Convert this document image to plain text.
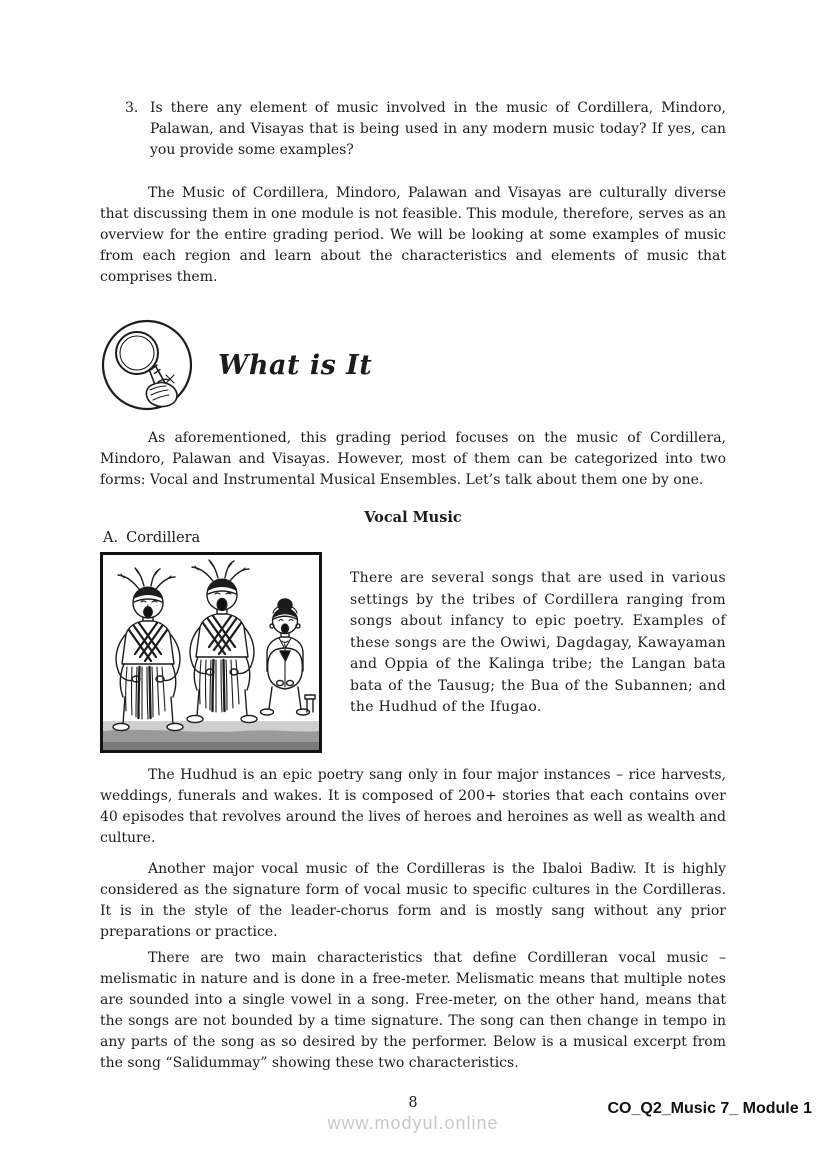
3. Is there any element of music involved in the music of Cordillera, Mindoro, Palawan, and Visayas that is being used in any modern music today? If yes, can you provide some examples?

The Music of Cordillera, Mindoro, Palawan and Visayas are culturally diverse that discussing them in one module is not feasible. This module, therefore, serves as an overview for the entire grading period. We will be looking at some examples of music from each region and learn about the characteristics and elements of music that comprises them.

What is It

As aforementioned, this grading period focuses on the music of Cordillera, Mindoro, Palawan and Visayas. However, most of them can be categorized into two forms: Vocal and Instrumental Musical Ensembles. Let’s talk about them one by one.

Vocal Music
A. Cordillera

There are several songs that are used in various settings by the tribes of Cordillera ranging from songs about infancy to epic poetry. Examples of these songs are the Owiwi, Dagdagay, Kawayaman and Oppia of the Kalinga tribe; the Langan bata bata of the Tausug; the Bua of the Subannen; and the Hudhud of the Ifugao.

The Hudhud is an epic poetry sang only in four major instances – rice harvests, weddings, funerals and wakes. It is composed of 200+ stories that each contains over 40 episodes that revolves around the lives of heroes and heroines as well as wealth and culture.

Another major vocal music of the Cordilleras is the Ibaloi Badiw. It is highly considered as the signature form of vocal music to specific cultures in the Cordilleras. It is in the style of the leader-chorus form and is mostly sang without any prior preparations or practice.

There are two main characteristics that define Cordilleran vocal music – melismatic in nature and is done in a free-meter. Melismatic means that multiple notes are sounded into a single vowel in a song. Free-meter, on the other hand, means that the songs are not bounded by a time signature. The song can then change in tempo in any parts of the song as so desired by the performer. Below is a musical excerpt from the song “Salidummay” showing these two characteristics.

8
www.modyul.online
CO_Q2_Music 7_ Module 1
